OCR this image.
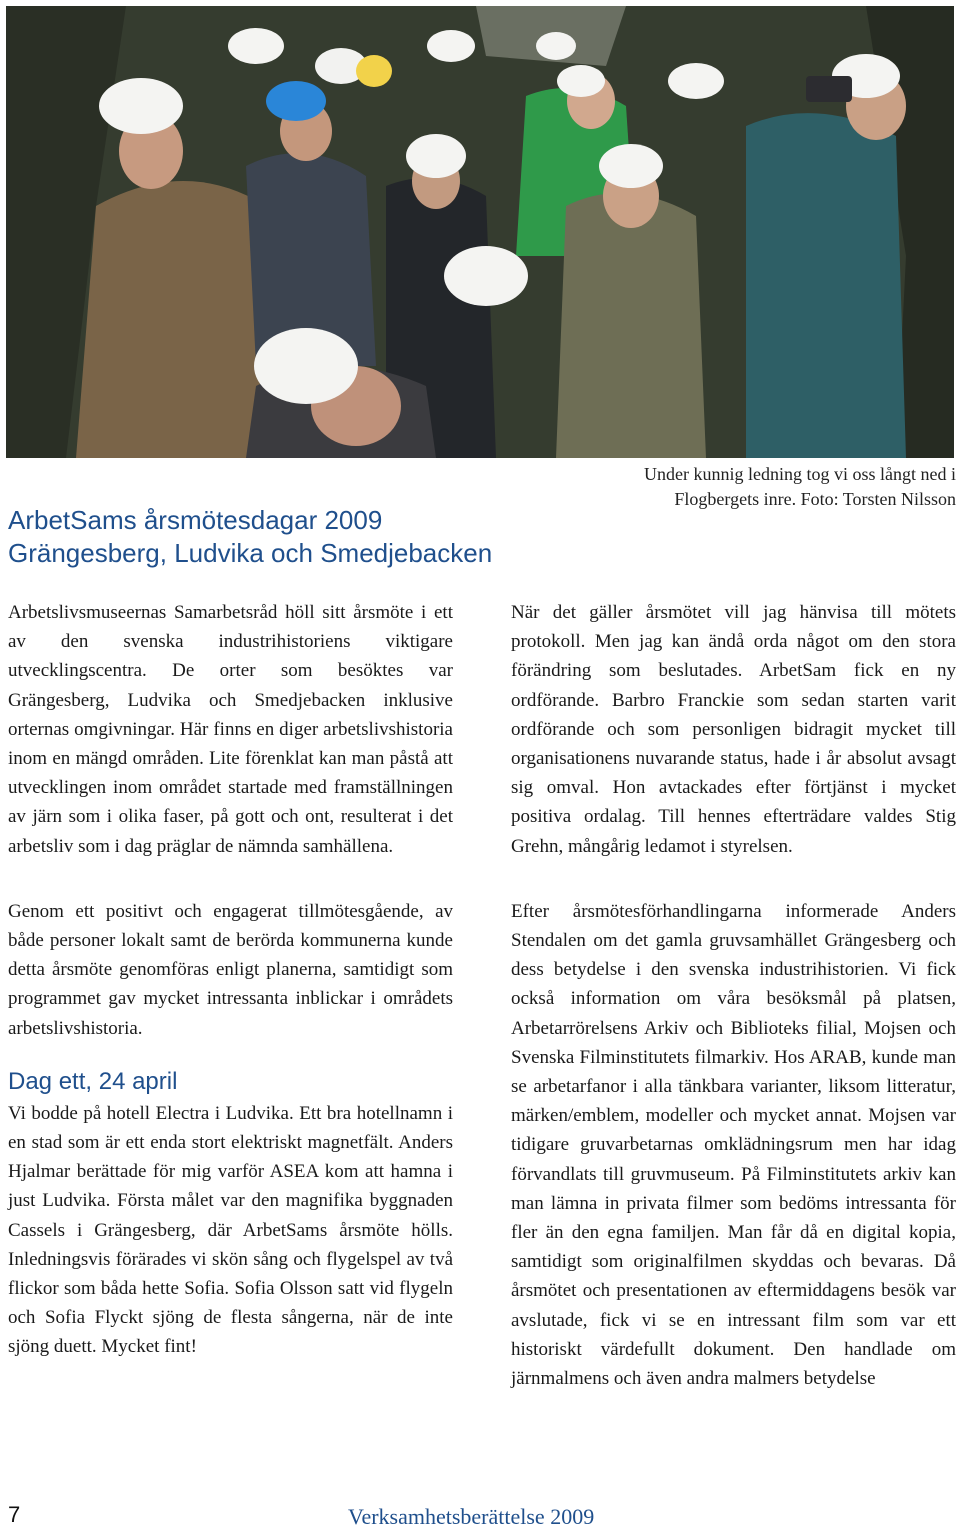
Under kunnig ledning tog vi oss långt ned i Flogbergets inre. Foto: Torsten Nilsson
ArbetSams årsmötesdagar 2009
Grängesberg, Ludvika och Smedjebacken

Arbetslivsmuseernas Samarbetsråd höll sitt årsmöte i ett av den svenska industrihistoriens viktigare utvecklingscentra. De orter som besöktes var Grängesberg, Ludvika och Smedjebacken inklusive orternas omgivningar. Här finns en diger arbetslivshistoria inom en mängd områden. Lite förenklat kan man påstå att utvecklingen inom området startade med framställningen av järn som i olika faser, på gott och ont, resulterat i det arbetsliv som i dag präglar de nämnda samhällena.

Genom ett positivt och engagerat tillmötesgående, av både personer lokalt samt de berörda kommunerna kunde detta årsmöte genomföras enligt planerna, samtidigt som programmet gav mycket intressanta inblickar i områdets arbetslivshistoria.

Dag ett, 24 april

Vi bodde på hotell Electra i Ludvika. Ett bra hotellnamn i en stad som är ett enda stort elektriskt magnetfält. Anders Hjalmar berättade för mig varför ASEA kom att hamna i just Ludvika. Första målet var den magnifika byggnaden Cassels i Grängesberg, där ArbetSams årsmöte hölls. Inledningsvis förärades vi skön sång och flygelspel av två flickor som båda hette Sofia. Sofia Olsson satt vid flygeln och Sofia Flyckt sjöng de flesta sångerna, när de inte sjöng duett. Mycket fint!

När det gäller årsmötet vill jag hänvisa till mötets protokoll. Men jag kan ändå orda något om den stora förändring som beslutades. ArbetSam fick en ny ordförande. Barbro Franckie som sedan starten varit ordförande och som personligen bidragit mycket till organisationens nuvarande status, hade i år absolut avsagt sig omval. Hon avtackades efter förtjänst i mycket positiva ordalag. Till hennes efterträdare valdes Stig Grehn, mångårig ledamot i styrelsen.

Efter årsmötesförhandlingarna informerade Anders Stendalen om det gamla gruvsamhället Grängesberg och dess betydelse i den svenska industrihistorien. Vi fick också information om våra besöksmål på platsen, Arbetarrörelsens Arkiv och Biblioteks filial, Mojsen och Svenska Filminstitutets filmarkiv. Hos ARAB, kunde man se arbetarfanor i alla tänkbara varianter, liksom litteratur, märken/emblem, modeller och mycket annat. Mojsen var tidigare gruvarbetarnas omklädningsrum men har idag förvandlats till gruvmuseum. På Filminstitutets arkiv kan man lämna in privata filmer som bedöms intressanta för fler än den egna familjen. Man får då en digital kopia, samtidigt som originalfilmen skyddas och bevaras. Då årsmötet och presentationen av eftermiddagens besök var avslutade, fick vi se en intressant film som var ett historiskt värdefullt dokument. Den handlade om järnmalmens och även andra malmers betydelse

7	Verksamhetsberättelse 2009
